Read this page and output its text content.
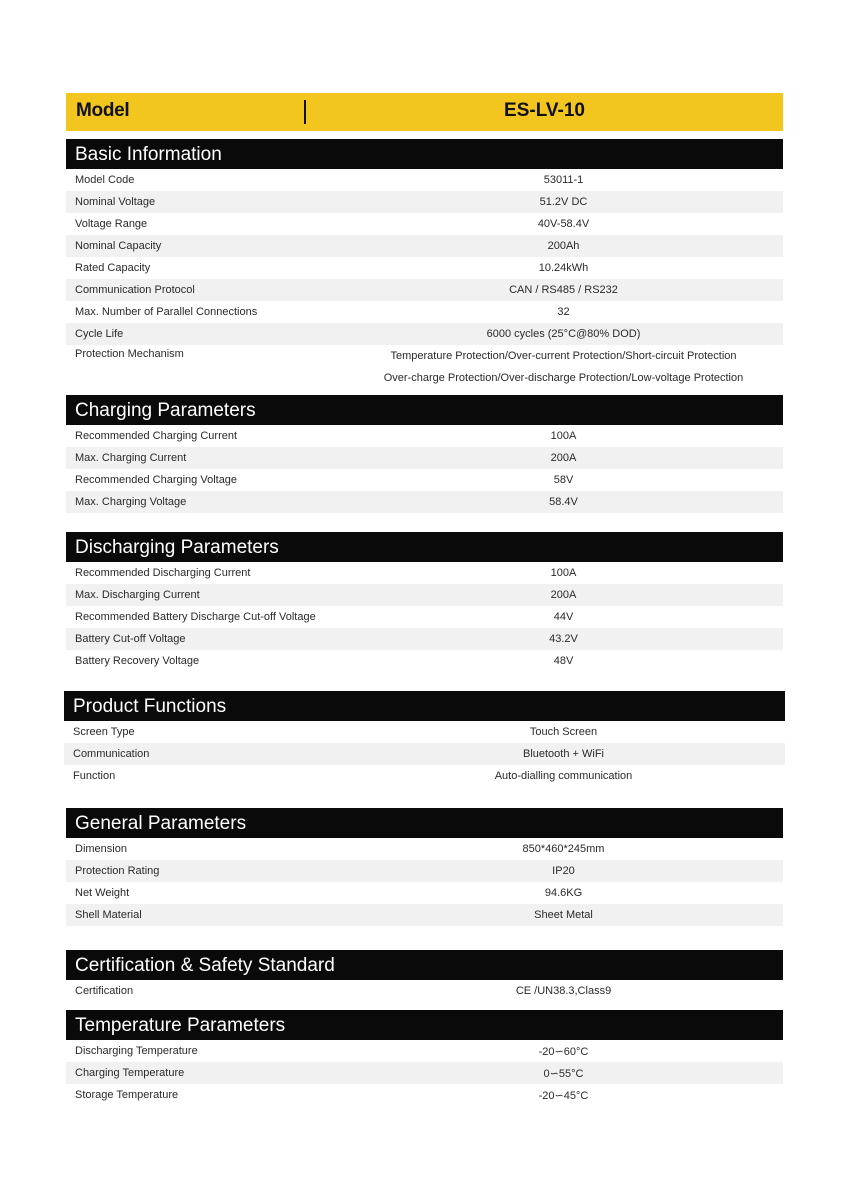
Model	ES-LV-10
Basic Information
Model Code	53011-1
Nominal Voltage	51.2V DC
Voltage Range	40V-58.4V
Nominal Capacity	200Ah
Rated Capacity	10.24kWh
Communication Protocol	CAN / RS485 / RS232
Max. Number of Parallel Connections	32
Cycle Life	6000 cycles (25°C@80% DOD)
Protection Mechanism	Temperature Protection/Over-current Protection/Short-circuit Protection
Over-charge Protection/Over-discharge Protection/Low-voltage Protection
Charging Parameters
Recommended Charging Current	100A
Max. Charging Current	200A
Recommended Charging Voltage	58V
Max. Charging Voltage	58.4V
Discharging Parameters
Recommended Discharging Current	100A
Max. Discharging Current	200A
Recommended Battery Discharge Cut-off Voltage	44V
Battery Cut-off Voltage	43.2V
Battery Recovery Voltage	48V
Product Functions
Screen Type	Touch Screen
Communication	Bluetooth + WiFi
Function	Auto-dialling communication
General Parameters
Dimension	850*460*245mm
Protection Rating	IP20
Net Weight	94.6KG
Shell Material	Sheet Metal
Certification & Safety Standard
Certification	CE /UN38.3,Class9
Temperature Parameters
Discharging Temperature	-20∽60°C
Charging Temperature	0∽55°C
Storage Temperature	-20∽45°C
